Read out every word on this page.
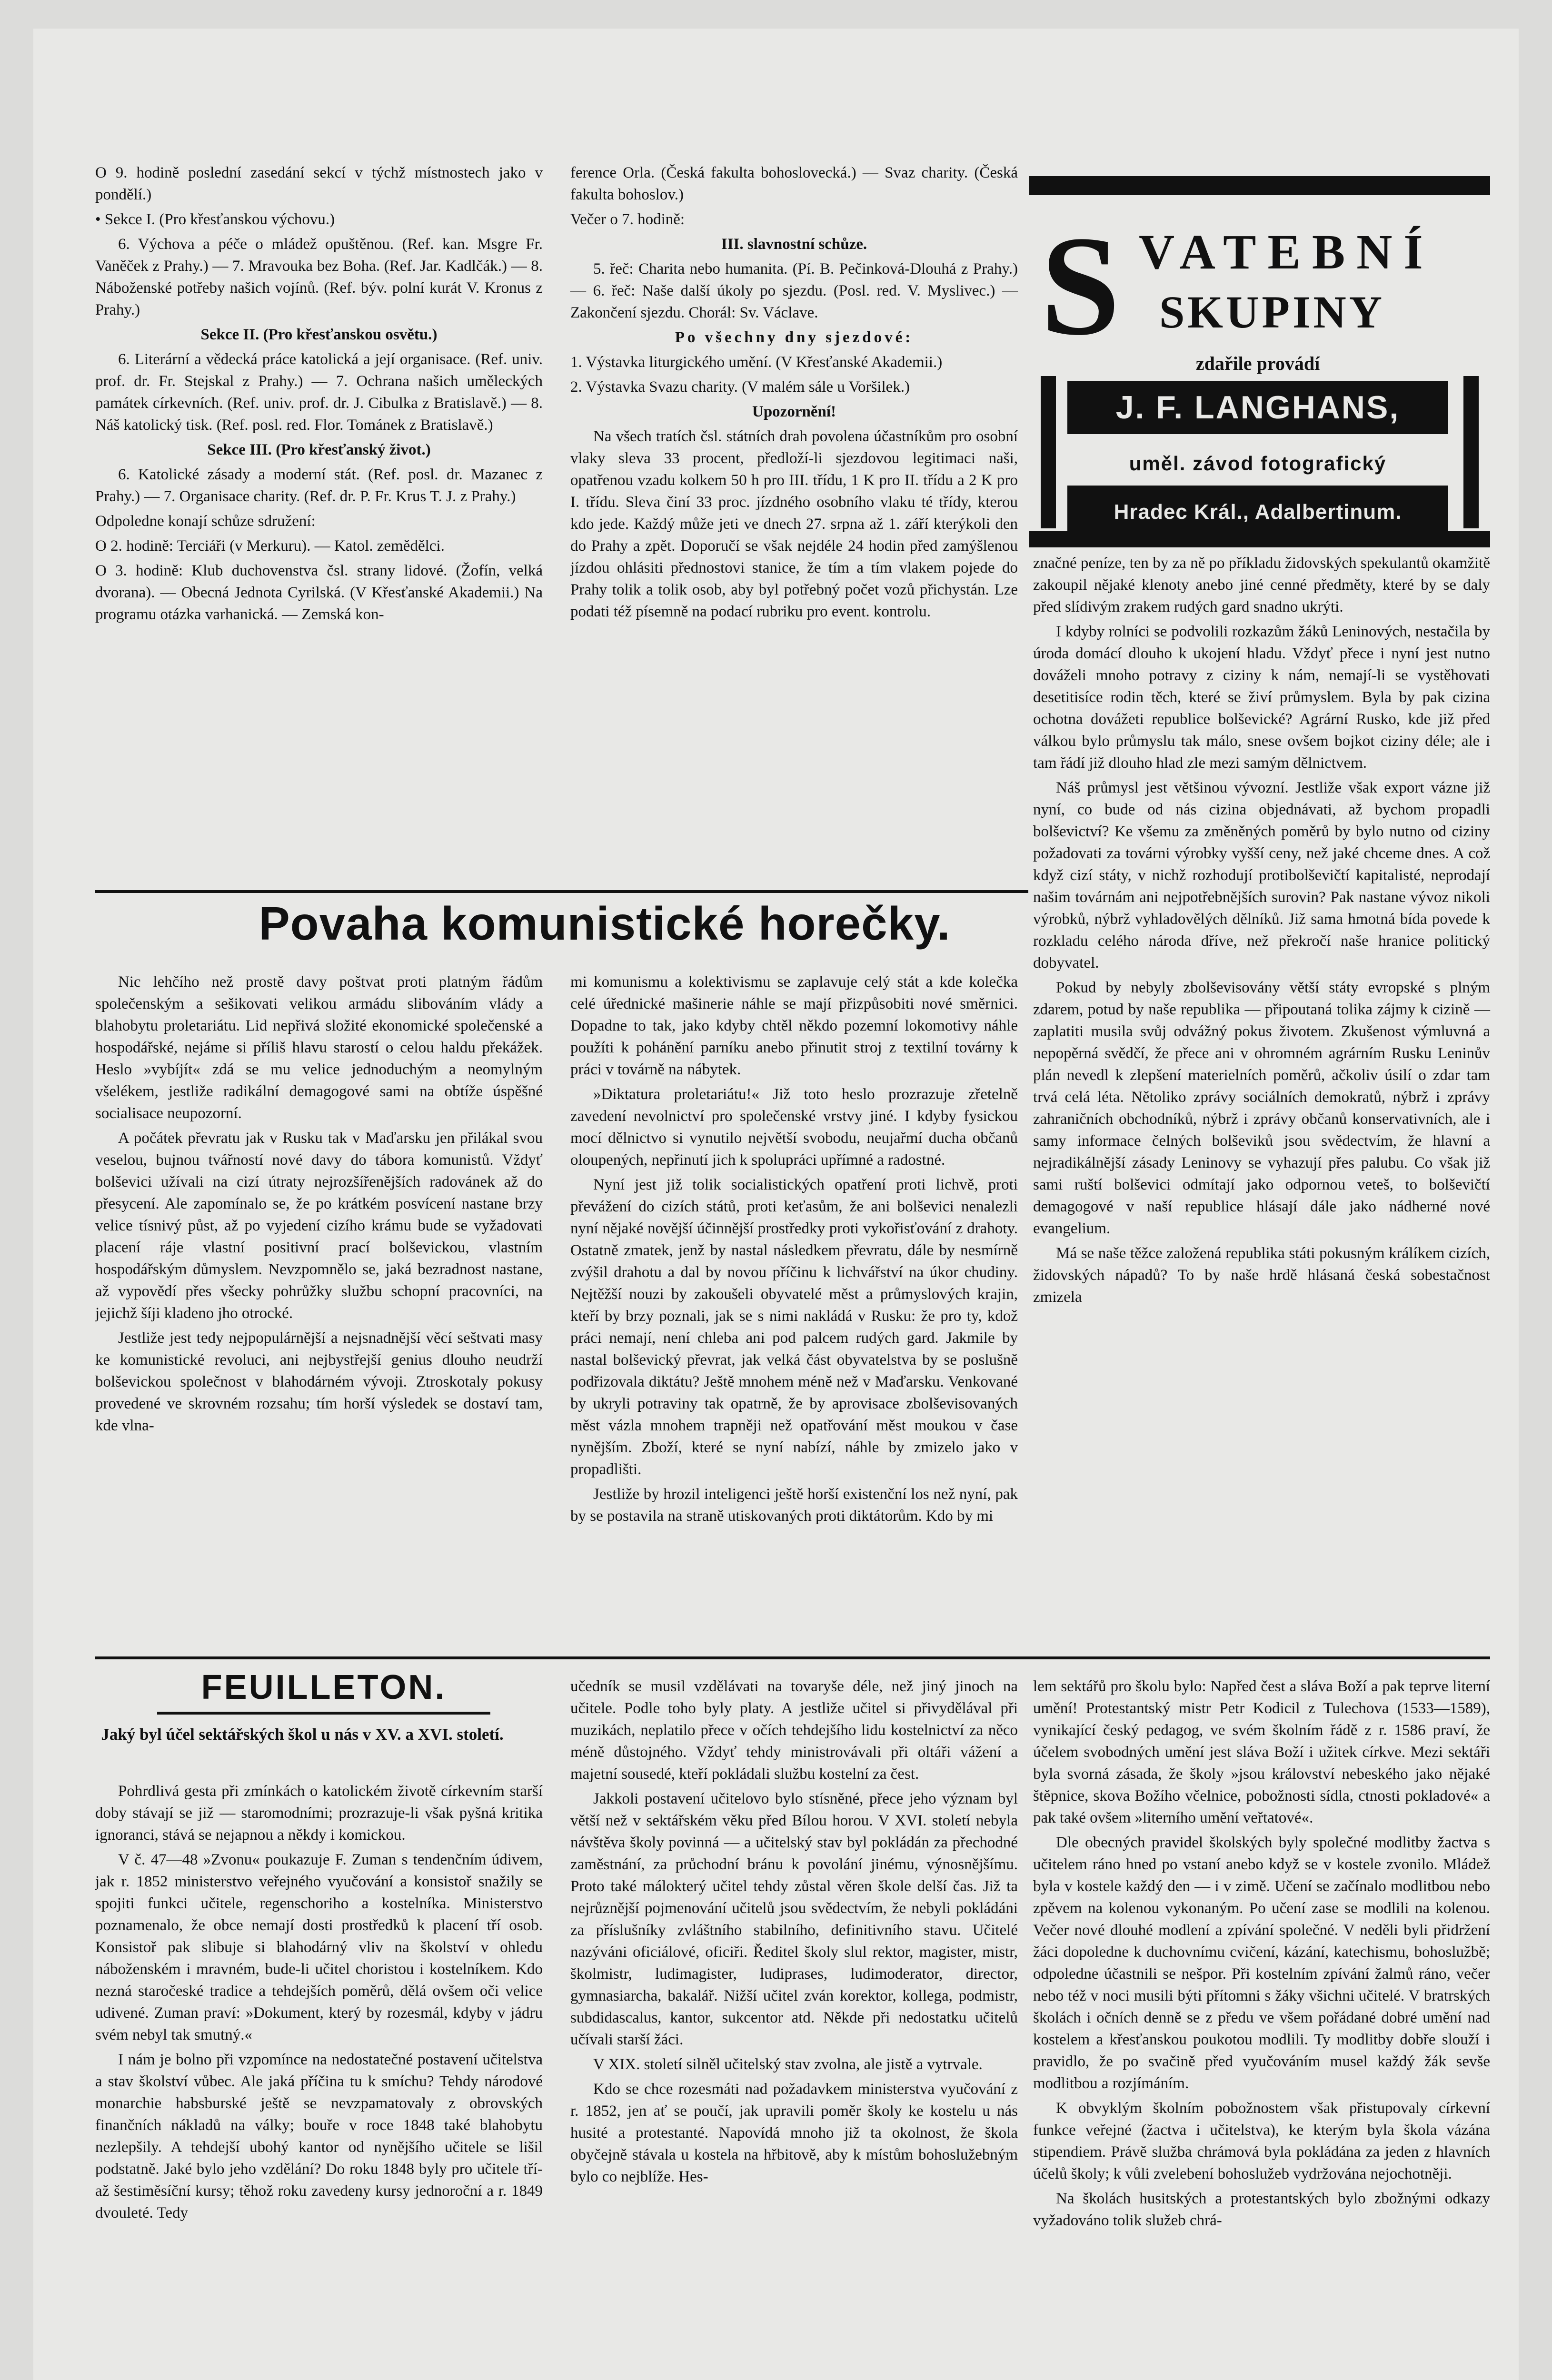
O 9. hodině poslední zasedání sekcí v týchž místnostech jako v pondělí.)

• Sekce I. (Pro křesťanskou výchovu.)

6. Výchova a péče o mládež opuštěnou. (Ref. kan. Msgre Fr. Vaněček z Prahy.) — 7. Mravouka bez Boha. (Ref. Jar. Kadlčák.) — 8. Náboženské potřeby našich vojínů. (Ref. býv. polní kurát V. Kronus z Prahy.)

Sekce II. (Pro křesťanskou osvětu.)

6. Literární a vědecká práce katolická a její organisace. (Ref. univ. prof. dr. Fr. Stejskal z Prahy.) — 7. Ochrana našich uměleckých památek církevních. (Ref. univ. prof. dr. J. Cibulka z Bratislavě.) — 8. Náš katolický tisk. (Ref. posl. red. Flor. Tománek z Bratislavě.)

Sekce III. (Pro křesťanský život.)

6. Katolické zásady a moderní stát. (Ref. posl. dr. Mazanec z Prahy.) — 7. Organisace charity. (Ref. dr. P. Fr. Krus T. J. z Prahy.)

Odpoledne konají schůze sdružení:

O 2. hodině: Terciáři (v Merkuru). — Katol. zemědělci.

O 3. hodině: Klub duchovenstva čsl. strany lidové. (Žofín, velká dvorana). — Obecná Jednota Cyrilská. (V Křesťanské Akademii.) Na programu otázka varhanická. — Zemská kon-

ference Orla. (Česká fakulta bohoslovecká.) — Svaz charity. (Česká fakulta bohoslov.)

Večer o 7. hodině:

III. slavnostní schůze.

5. řeč: Charita nebo humanita. (Pí. B. Pečinková-Dlouhá z Prahy.) — 6. řeč: Naše další úkoly po sjezdu. (Posl. red. V. Myslivec.) — Zakončení sjezdu. Chorál: Sv. Václave.

Po všechny dny sjezdové:

1. Výstavka liturgického umění. (V Křesťanské Akademii.)

2. Výstavka Svazu charity. (V malém sále u Voršilek.)

Upozornění!

Na všech tratích čsl. státních drah povolena účastníkům pro osobní vlaky sleva 33 procent, předloží-li sjezdovou legitimaci naši, opatřenou vzadu kolkem 50 h pro III. třídu, 1 K pro II. třídu a 2 K pro I. třídu. Sleva činí 33 proc. jízdného osobního vlaku té třídy, kterou kdo jede. Každý může jeti ve dnech 27. srpna až 1. září kterýkoli den do Prahy a zpět. Doporučí se však nejdéle 24 hodin před zamýšlenou jízdou ohlásiti přednostovi stanice, že tím a tím vlakem pojede do Prahy tolik a tolik osob, aby byl potřebný počet vozů přichystán. Lze podati též písemně na podací rubriku pro event. kontrolu.

S VATEBNÍ
SKUPINY
zdařile provádí
J. F. LANGHANS,
uměl. závod fotografický
Hradec Král., Adalbertinum.

značné peníze, ten by za ně po příkladu židovských spekulantů okamžitě zakoupil nějaké klenoty anebo jiné cenné předměty, které by se daly před slídivým zrakem rudých gard snadno ukrýti.

I kdyby rolníci se podvolili rozkazům žáků Leninových, nestačila by úroda domácí dlouho k ukojení hladu. Vždyť přece i nyní jest nutno dováželi mnoho potravy z ciziny k nám, nemají-li se vystěhovati desetitisíce rodin těch, které se živí průmyslem. Byla by pak cizina ochotna dovážeti republice bolševické? Agrární Rusko, kde již před válkou bylo průmyslu tak málo, snese ovšem bojkot ciziny déle; ale i tam řádí již dlouho hlad zle mezi samým dělnictvem.

Náš průmysl jest většinou vývozní. Jestliže však export vázne již nyní, co bude od nás cizina objednávati, až bychom propadli bolševictví? Ke všemu za změněných poměrů by bylo nutno od ciziny požadovati za továrni výrobky vyšší ceny, než jaké chceme dnes. A což když cizí státy, v nichž rozhodují protibolševičtí kapitalisté, neprodají našim továrnám ani nejpotřebnějších surovin? Pak nastane vývoz nikoli výrobků, nýbrž vyhladovělých dělníků. Již sama hmotná bída povede k rozkladu celého národa dříve, než překročí naše hranice politický dobyvatel.

Pokud by nebyly zbolševisovány větší státy evropské s plným zdarem, potud by naše republika — připoutaná tolika zájmy k cizině — zaplatiti musila svůj odvážný pokus životem. Zkušenost výmluvná a nepopěrná svědčí, že přece ani v ohromném agrárním Rusku Leninův plán nevedl k zlepšení materielních poměrů, ačkoliv úsilí o zdar tam trvá celá léta. Nětoliko zprávy sociálních demokratů, nýbrž i zprávy zahraničních obchodníků, nýbrž i zprávy občanů konservativních, ale i samy informace čelných bolševiků jsou svědectvím, že hlavní a nejradikálnější zásady Leninovy se vyhazují přes palubu. Co však již sami ruští bolševici odmítají jako odpornou veteš, to bolševičtí demagogové v naší republice hlásají dále jako nádherné nové evangelium.

Má se naše těžce založená republika státi pokusným králíkem cizích, židovských nápadů? To by naše hrdě hlásaná česká sobestačnost zmizela

Povaha komunistické horečky.

Nic lehčího než prostě davy poštvat proti platným řádům společenským a sešikovati velikou armádu slibováním vlády a blahobytu proletariátu. Lid nepřivá složité ekonomické společenské a hospodářské, nejáme si příliš hlavu starostí o celou haldu překážek. Heslo »vybíjít« zdá se mu velice jednoduchým a neomylným všelékem, jestliže radikální demagogové sami na obtíže úspěšné socialisace neupozorní.

A počátek převratu jak v Rusku tak v Maďarsku jen přilákal svou veselou, bujnou tvářností nové davy do tábora komunistů. Vždyť bolševici užívali na cizí útraty nejrozšířenějších radovánek až do přesycení. Ale zapomínalo se, že po krátkém posvícení nastane brzy velice tísnivý půst, až po vyjedení cizího krámu bude se vyžadovati placení ráje vlastní positivní prací bolševickou, vlastním hospodářským důmyslem. Nevzpomnělo se, jaká bezradnost nastane, až vypovědí přes všecky pohrůžky službu schopní pracovníci, na jejichž šíji kladeno jho otrocké.

Jestliže jest tedy nejpopulárnější a nejsnadnější věcí seštvati masy ke komunistické revoluci, ani nejbystřejší genius dlouho neudrží bolševickou společnost v blahodárném vývoji. Ztroskotaly pokusy provedené ve skrovném rozsahu; tím horší výsledek se dostaví tam, kde vlna-

mi komunismu a kolektivismu se zaplavuje celý stát a kde kolečka celé úřednické mašinerie náhle se mají přizpůsobiti nové směrnici. Dopadne to tak, jako kdyby chtěl někdo pozemní lokomotivy náhle použíti k pohánění parníku anebo přinutit stroj z textilní továrny k práci v továrně na nábytek.

»Diktatura proletariátu!« Již toto heslo prozrazuje zřetelně zavedení nevolnictví pro společenské vrstvy jiné. I kdyby fysickou mocí dělnictvo si vynutilo největší svobodu, neujařmí ducha občanů oloupených, nepřinutí jich k spolupráci upřímné a radostné.

Nyní jest již tolik socialistických opatření proti lichvě, proti převážení do cizích států, proti keťasům, že ani bolševici nenalezli nyní nějaké novější účinnější prostředky proti vykořisťování z drahoty. Ostatně zmatek, jenž by nastal následkem převratu, dále by nesmírně zvýšil drahotu a dal by novou příčinu k lichvářství na úkor chudiny. Nejtěžší nouzi by zakoušeli obyvatelé měst a průmyslových krajin, kteří by brzy poznali, jak se s nimi nakládá v Rusku: že pro ty, kdož práci nemají, není chleba ani pod palcem rudých gard. Jakmile by nastal bolševický převrat, jak velká část obyvatelstva by se poslušně podřizovala diktátu? Ještě mnohem méně než v Maďarsku. Venkované by ukryli potraviny tak opatrně, že by aprovisace zbolševisovaných měst vázla mnohem trapněji než opatřování měst moukou v čase nynějším. Zboží, které se nyní nabízí, náhle by zmizelo jako v propadlišti.

Jestliže by hrozil inteligenci ještě horší existenční los než nyní, pak by se postavila na straně utiskovaných proti diktátorům. Kdo by mi

FEUILLETON.
Jaký byl účel sektářských škol u nás v XV. a XVI. století.

Pohrdlivá gesta při zmínkách o katolickém životě církevním starší doby stávají se již — staromodními; prozrazuje-li však pyšná kritika ignoranci, stává se nejapnou a někdy i komickou.

V č. 47—48 »Zvonu« poukazuje F. Zuman s tendenčním údivem, jak r. 1852 ministerstvo veřejného vyučování a konsistoř snažily se spojiti funkci učitele, regenschoriho a kostelníka. Ministerstvo poznamenalo, že obce nemají dosti prostředků k placení tří osob. Konsistoř pak slibuje si blahodárný vliv na školství v ohledu náboženském i mravném, bude-li učitel choristou i kostelníkem. Kdo nezná staročeské tradice a tehdejších poměrů, dělá ovšem oči velice udivené. Zuman praví: »Dokument, který by rozesmál, kdyby v jádru svém nebyl tak smutný.«

I nám je bolno při vzpomínce na nedostatečné postavení učitelstva a stav školství vůbec. Ale jaká příčina tu k smíchu? Tehdy národové monarchie habsburské ještě se nevzpamatovaly z obrovských finančních nákladů na války; bouře v roce 1848 také blahobytu nezlepšily. A tehdejší ubohý kantor od nynějšího učitele se lišil podstatně. Jaké bylo jeho vzdělání? Do roku 1848 byly pro učitele tří- až šestiměsíční kursy; těhož roku zavedeny kursy jednoroční a r. 1849 dvouleté. Tedy

učedník se musil vzdělávati na tovaryše déle, než jiný jinoch na učitele. Podle toho byly platy. A jestliže učitel si přivydělával při muzikách, neplatilo přece v očích tehdejšího lidu kostelnictví za něco méně důstojného. Vždyť tehdy ministrovávali při oltáři vážení a majetní sousedé, kteří pokládali službu kostelní za čest.

Jakkoli postavení učitelovo bylo stísněné, přece jeho význam byl větší než v sektářském věku před Bílou horou. V XVI. století nebyla návštěva školy povinná — a učitelský stav byl pokládán za přechodné zaměstnání, za průchodní bránu k povolání jinému, výnosnějšímu. Proto také málokterý učitel tehdy zůstal věren škole delší čas. Již ta nejrůznější pojmenování učitelů jsou svědectvím, že nebyli pokládáni za příslušníky zvláštního stabilního, definitivního stavu. Učitelé nazýváni oficiálové, oficiři. Ředitel školy slul rektor, magister, mistr, školmistr, ludimagister, ludiprases, ludimoderator, director, gymnasiarcha, bakalář. Nižší učitel zván korektor, kollega, podmistr, subdidascalus, kantor, sukcentor atd. Někde při nedostatku učitelů učívali starší žáci.

V XIX. století silněl učitelský stav zvolna, ale jistě a vytrvale.

Kdo se chce rozesmáti nad požadavkem ministerstva vyučování z r. 1852, jen ať se poučí, jak upravili poměr školy ke kostelu u nás husité a protestanté. Napovídá mnoho již ta okolnost, že škola obyčejně stávala u kostela na hřbitově, aby k místům bohoslužebným bylo co nejblíže. Hes-

lem sektářů pro školu bylo: Napřed čest a sláva Boží a pak teprve literní umění! Protestantský mistr Petr Kodicil z Tulechova (1533—1589), vynikající český pedagog, ve svém školním řádě z r. 1586 praví, že účelem svobodných umění jest sláva Boží i užitek církve. Mezi sektáři byla svorná zásada, že školy »jsou království nebeského jako nějaké štěpnice, skova Božího včelnice, pobožnosti sídla, ctnosti pokladové« a pak také ovšem »literního umění veřtatové«.

Dle obecných pravidel školských byly společné modlitby žactva s učitelem ráno hned po vstaní anebo když se v kostele zvonilo. Mládež byla v kostele každý den — i v zimě. Učení se začínalo modlitbou nebo zpěvem na kolenou vykonaným. Po učení zase se modlili na kolenou. Večer nové dlouhé modlení a zpívání společné. V neděli byli přidržení žáci dopoledne k duchovnímu cvičení, kázání, katechismu, bohoslužbě; odpoledne účastnili se nešpor. Při kostelním zpívání žalmů ráno, večer nebo též v noci musili býti přítomni s žáky všichni učitelé. V bratrských školách i očních denně se z předu ve všem pořádané dobré umění nad kostelem a křesťanskou poukotou modlili. Ty modlitby dobře slouží i pravidlo, že po svačině před vyučováním musel každý žák sevše modlitbou a rozjímáním.

K obvyklým školním pobožnostem však přistupovaly církevní funkce veřejné (žactva i učitelstva), ke kterým byla škola vázána stipendiem. Právě služba chrámová byla pokládána za jeden z hlavních účelů školy; k vůli zvelebení bohoslužeb vydržována nejochotněji.

Na školách husitských a protestantských bylo zbožnými odkazy vyžadováno tolik služeb chrá-
